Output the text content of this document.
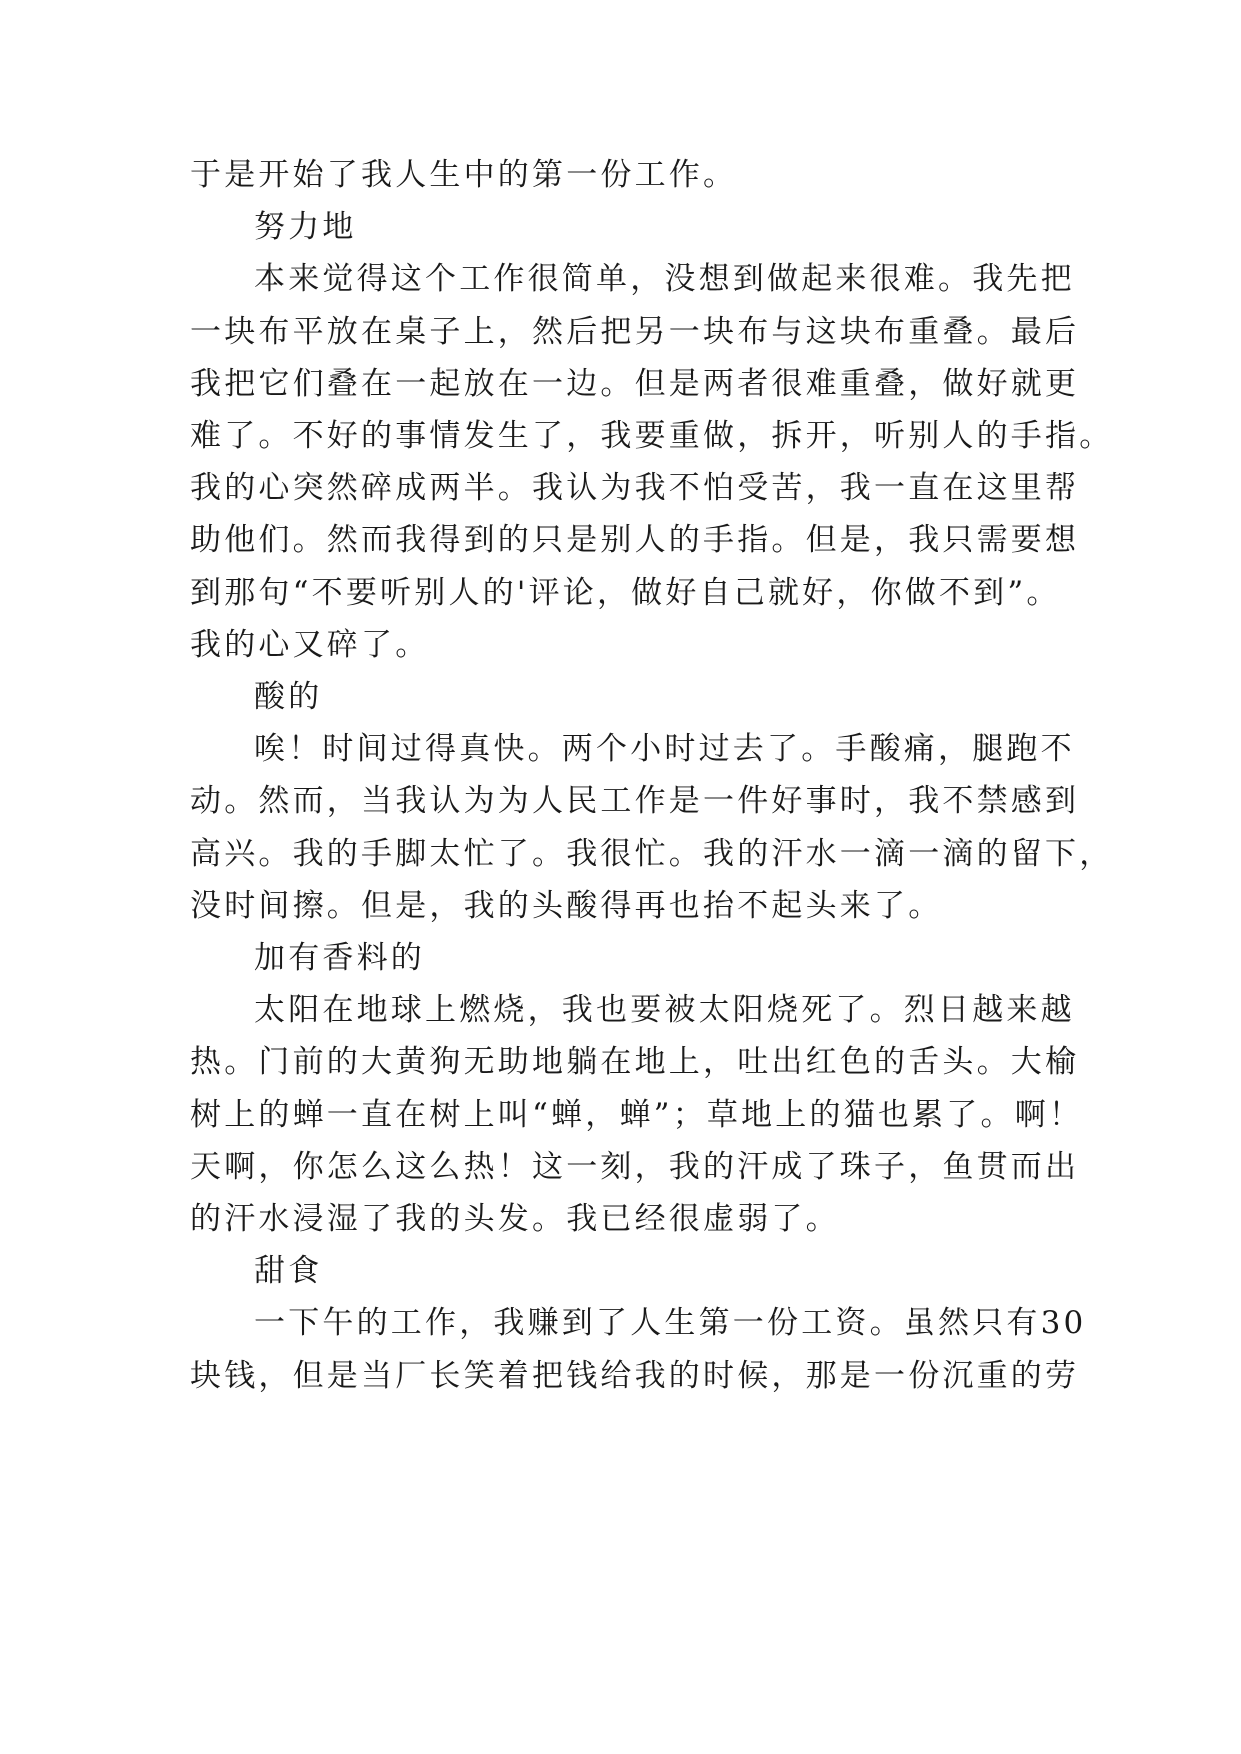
于是开始了我人生中的第一份工作。
努力地
本来觉得这个工作很简单，没想到做起来很难。我先把
一块布平放在桌子上，然后把另一块布与这块布重叠。最后
我把它们叠在一起放在一边。但是两者很难重叠，做好就更
难了。不好的事情发生了，我要重做，拆开，听别人的手指。
我的心突然碎成两半。我认为我不怕受苦，我一直在这里帮
助他们。然而我得到的只是别人的手指。但是，我只需要想
到那句“不要听别人的'评论，做好自己就好，你做不到”。
我的心又碎了。
酸的
唉！时间过得真快。两个小时过去了。手酸痛，腿跑不
动。然而，当我认为为人民工作是一件好事时，我不禁感到
高兴。我的手脚太忙了。我很忙。我的汗水一滴一滴的留下，
没时间擦。但是，我的头酸得再也抬不起头来了。
加有香料的
太阳在地球上燃烧，我也要被太阳烧死了。烈日越来越
热。门前的大黄狗无助地躺在地上，吐出红色的舌头。大榆
树上的蝉一直在树上叫“蝉，蝉”；草地上的猫也累了。啊！
天啊，你怎么这么热！这一刻，我的汗成了珠子，鱼贯而出
的汗水浸湿了我的头发。我已经很虚弱了。
甜食
一下午的工作，我赚到了人生第一份工资。虽然只有30
块钱，但是当厂长笑着把钱给我的时候，那是一份沉重的劳
